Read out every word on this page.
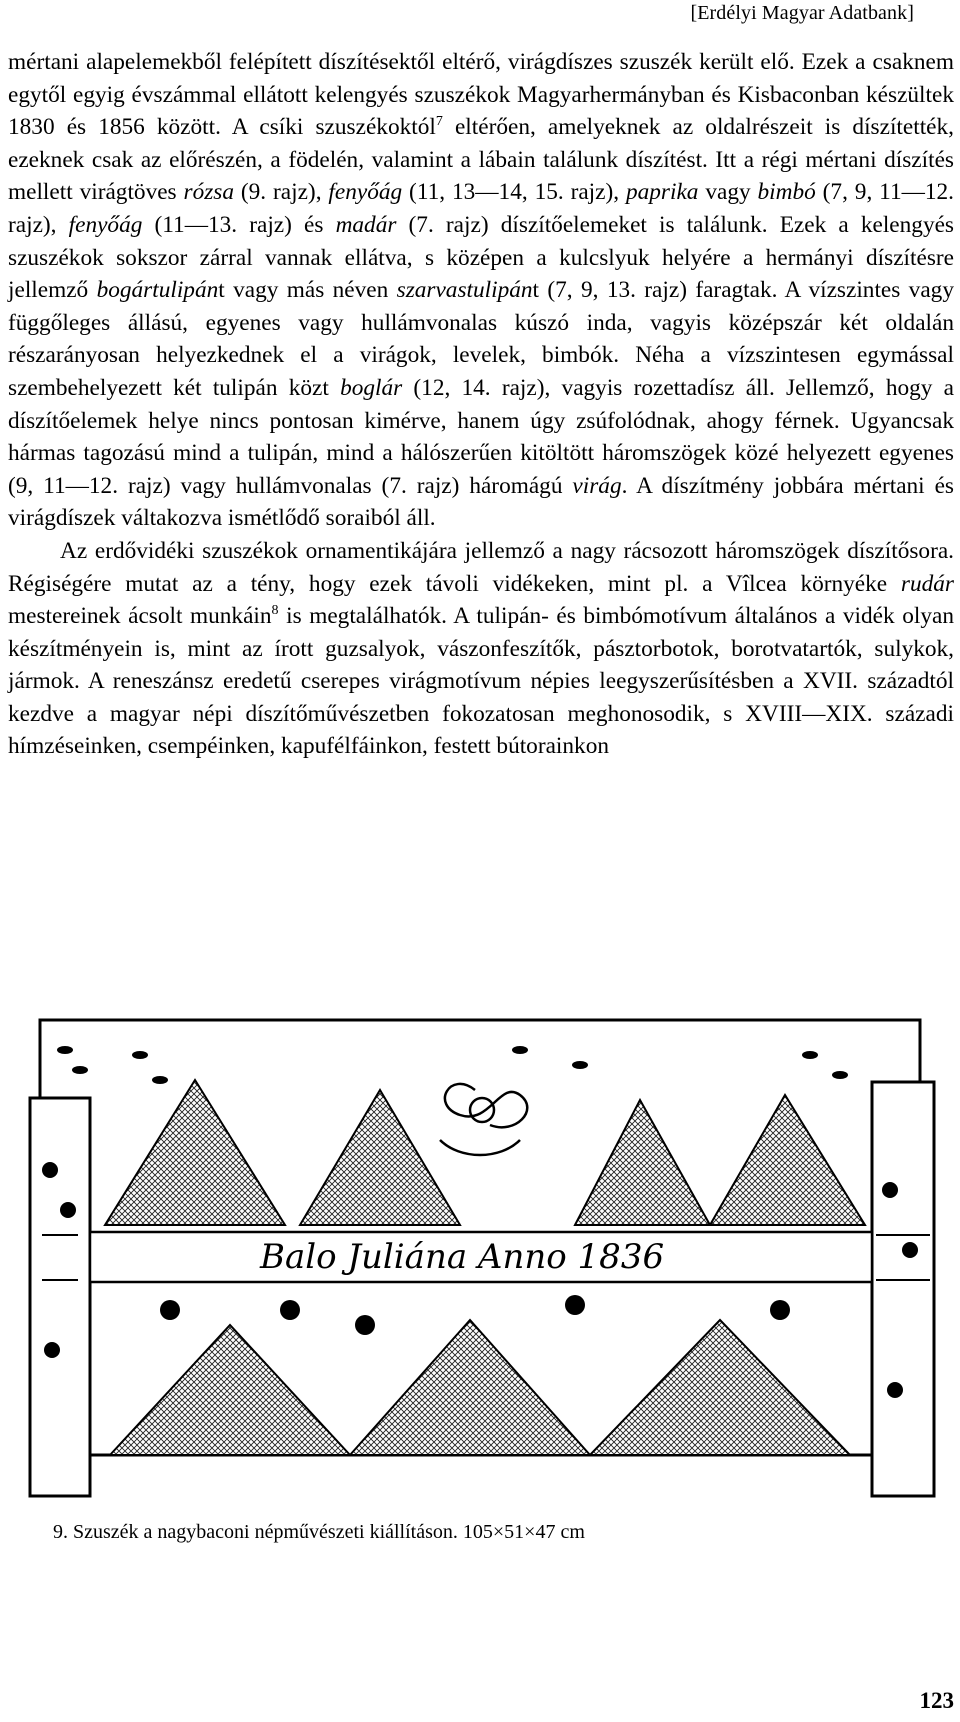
[Erdélyi Magyar Adatbank]

mértani alapelemekből felépített díszítésektől eltérő, virágdíszes szuszék került elő. Ezek a csaknem egytől egyig évszámmal ellátott kelengyés szuszékok Magyarhermányban és Kisbaconban készültek 1830 és 1856 között. A csíki szuszékoktól$^7$ eltérően, amelyeknek az oldalrészeit is díszítették, ezeknek csak az előrészén, a födelén, valamint a lábain találunk díszítést. Itt a régi mértani díszítés mellett virágtöves rózsa (9. rajz), fenyőág (11, 13—14, 15. rajz), paprika vagy bimbó (7, 9, 11—12. rajz), fenyőág (11—13. rajz) és madár (7. rajz) díszítőelemeket is találunk. Ezek a kelengyés szuszékok sokszor zárral vannak ellátva, s középen a kulcslyuk helyére a hermányi díszítésre jellemző bogártulipánt vagy más néven szarvastulipánt (7, 9, 13. rajz) faragtak. A vízszintes vagy függőleges állású, egyenes vagy hullámvonalas kúszó inda, vagyis középszár két oldalán részarányosan helyezkednek el a virágok, levelek, bimbók. Néha a vízszintesen egymással szembehelyezett két tulipán közt boglár (12, 14. rajz), vagyis rozettadísz áll. Jellemző, hogy a díszítőelemek helye nincs pontosan kimérve, hanem úgy zsúfolódnak, ahogy férnek. Ugyancsak hármas tagozású mind a tulipán, mind a hálószerűen kitöltött háromszögek közé helyezett egyenes (9, 11—12. rajz) vagy hullámvonalas (7. rajz) háromágú virág. A díszítmény jobbára mértani és virágdíszek váltakozva ismétlődő soraiból áll.

Az erdővidéki szuszékok ornamentikájára jellemző a nagy rácsozott háromszögek díszítősora. Régiségére mutat az a tény, hogy ezek távoli vidékeken, mint pl. a Vîlcea környéke rudár mestereinek ácsolt munkáin$^8$ is megtalálhatók. A tulipán- és bimbómotívum általános a vidék olyan készítményein is, mint az írott guzsalyok, vászonfeszítők, pásztorbotok, borotvatartók, sulykok, jármok. A reneszánsz eredetű cserepes virágmotívum népies leegyszerűsítésben a XVII. századtól kezdve a magyar népi díszítőművészetben fokozatosan meghonosodik, s XVIII—XIX. századi hímzéseinken, csempéinken, kapufélfáinkon, festett bútorainkon

Balo Juliána Anno 1836
9. Szuszék a nagybaconi népművészeti kiállításon. 105×51×47 cm
123
